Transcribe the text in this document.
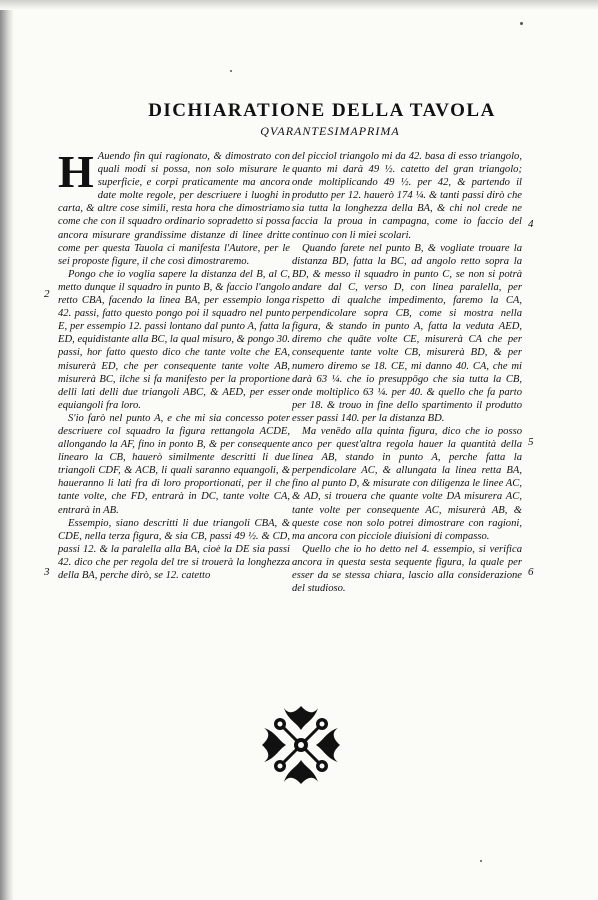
DICHIARATIONE DELLA TAVOLA
QVARANTESIMAPRIMA

H Auendo fin qui ragionato, & dimostrato con quali modi si possa, non solo misurare le superficie, e corpi praticamente ma ancora date molte regole, per descriuere i luoghi in carta, & altre cose simili, resta hora che dimostriamo come che con il squadro ordinario sopradetto si possa ancora misurare grandissime distanze di linee dritte come per questa Tauola ci manifesta l'Autore, per le sei proposte figure, il che così dimostraremo.

Pongo che io voglia sapere la distanza del B, al C, metto dunque il squadro in punto B, & faccio l'angolo retto CBA, facendo la linea BA, per essempio longa 42. passi, fatto questo pongo poi il squadro nel punto E, per essempio 12. passi lontano dal punto A, fatta la ED, equidistante alla BC, la qual misuro, & pongo 30. passi, hor fatto questo dico che tante volte che EA, misurerà ED, che per consequente tante volte AB, misurerà BC, ilche si fa manifesto per la proportione delli lati delli due triangoli ABC, & AED, per esser equiangoli fra loro.

S'io farò nel punto A, e che mi sia concesso poter descriuere col squadro la figura rettangola ACDE, allongando la AF, fino in ponto B, & per consequente linearo la CB, hauerò similmente descritti li due triangoli CDF, & ACB, li quali saranno equangoli, & haueranno li lati fra di loro proportionati, per il che tante volte, che FD, entrarà in DC, tante volte CA, entrarà in AB.

Essempio, siano descritti li due triangoli CBA, & CDE, nella terza figura, & sia CB, passi 49 ½. & CD, passi 12. & la paralella alla BA, cioè la DE sia passi 42. dico che per regola del tre si trouerà la longhezza della BA, perche dirò, se 12. catetto

del picciol triangolo mi da 42. basa di esso triangolo, quanto mi darà 49 ½. catetto del gran triangolo; onde moltiplicando 49 ½. per 42, & partendo il produtto per 12. hauerò 174 ¼. & tanti passi dirò che sia tutta la longhezza della BA, & chi nol crede ne faccia la proua in campagna, come io faccio del continuo con li miei scolari.

Quando farete nel punto B, & vogliate trouare la distanza BD, fatta la BC, ad angolo retto sopra la BD, & messo il squadro in punto C, se non si potrà andare dal C, verso D, con linea paralella, per rispetto di qualche impedimento, faremo la CA, perpendicolare sopra CB, come si mostra nella figura, & stando in punto A, fatta la veduta AED, diremo che quāte volte CE, misurerà CA che per consequente tante volte CB, misurerà BD, & per numero diremo se 18. CE, mi danno 40. CA, che mi darà 63 ¼. che io presuppōgo che sia tutta la CB, onde moltiplico 63 ¼. per 40. & quello che fa parto per 18. & trouo in fine dello spartimento il produtto esser passi 140. per la distanza BD.

Ma venēdo alla quinta figura, dico che io posso anco per quest'altra regola hauer la quantità della linea AB, stando in punto A, perche fatta la perpendicolare AC, & allungata la linea retta BA, fino al punto D, & misurate con diligenza le linee AC, & AD, si trouera che quante volte DA misurera AC, tante volte per consequente AC, misurerà AB, & queste cose non solo potrei dimostrare con ragioni, ma ancora con picciole diuisioni di compasso.

Quello che io ho detto nel 4. essempio, si verifica ancora in questa sesta sequente figura, la quale per esser da se stessa chiara, lascio alla considerazione del studioso.

2
3
4
5
6
